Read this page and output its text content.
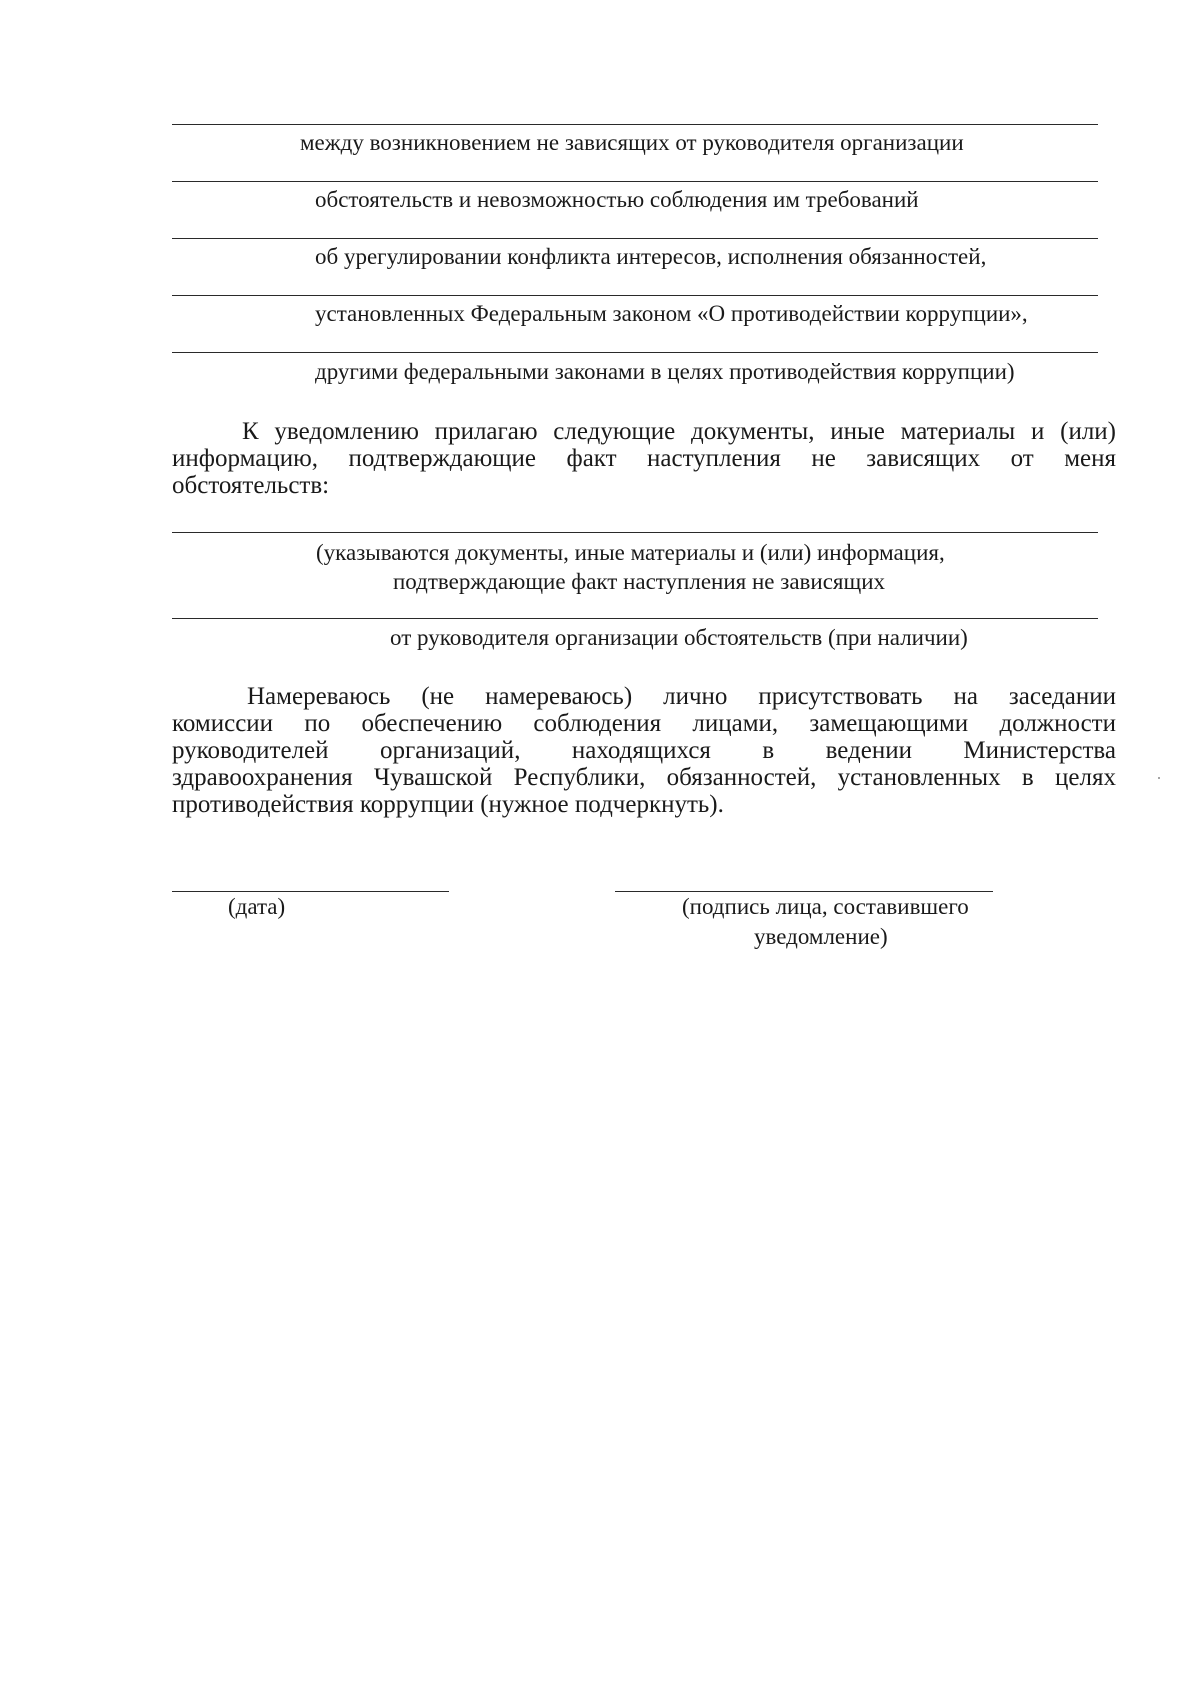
между возникновением не зависящих от руководителя организации
обстоятельств и невозможностью соблюдения им требований
об урегулировании конфликта интересов, исполнения обязанностей,
установленных Федеральным законом «О противодействии коррупции»,
другими федеральными законами в целях противодействия коррупции)
К уведомлению прилагаю следующие документы, иные материалы и (или)
информацию, подтверждающие факт наступления не зависящих от меня
обстоятельств:
(указываются документы, иные материалы и (или) информация,
подтверждающие факт наступления не зависящих
от руководителя организации обстоятельств (при наличии)
Намереваюсь (не намереваюсь) лично присутствовать на заседании
комиссии по обеспечению соблюдения лицами, замещающими должности
руководителей организаций, находящихся в ведении Министерства
здравоохранения Чувашской Республики, обязанностей, установленных в целях
противодействия коррупции (нужное подчеркнуть).
(дата)	(подпись лица, составившего
уведомление)
